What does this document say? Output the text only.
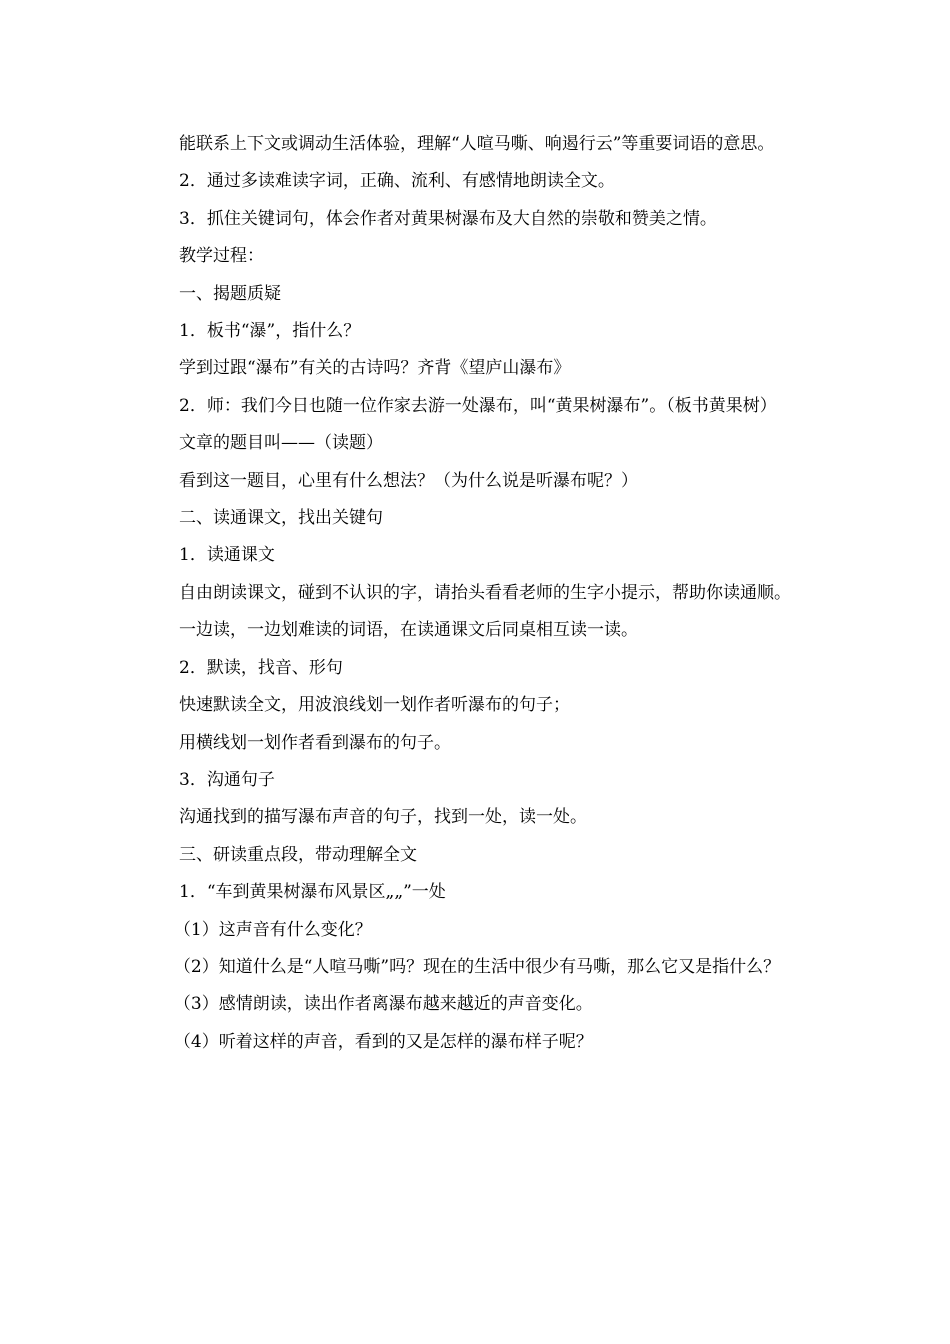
能联系上下文或调动生活体验，理解“人喧马嘶、响遏行云”等重要词语的意思。

2．通过多读难读字词，正确、流利、有感情地朗读全文。

3．抓住关键词句，体会作者对黄果树瀑布及大自然的崇敬和赞美之情。

教学过程：

一、揭题质疑

1．板书“瀑”，指什么？

学到过跟“瀑布”有关的古诗吗？齐背《望庐山瀑布》

2．师：我们今日也随一位作家去游一处瀑布，叫“黄果树瀑布”。（板书黄果树）

文章的题目叫——（读题）

看到这一题目，心里有什么想法？（为什么说是听瀑布呢？）

二、读通课文，找出关键句

1．读通课文

自由朗读课文，碰到不认识的字，请抬头看看老师的生字小提示，帮助你读通顺。

一边读，一边划难读的词语，在读通课文后同桌相互读一读。

2．默读，找音、形句

快速默读全文，用波浪线划一划作者听瀑布的句子；

用横线划一划作者看到瀑布的句子。

3．沟通句子

沟通找到的描写瀑布声音的句子，找到一处，读一处。

三、研读重点段，带动理解全文

1．“车到黄果树瀑布风景区„„”一处

（1）这声音有什么变化？

（2）知道什么是“人喧马嘶”吗？现在的生活中很少有马嘶，那么它又是指什么？

（3）感情朗读，读出作者离瀑布越来越近的声音变化。

（4）听着这样的声音，看到的又是怎样的瀑布样子呢？
